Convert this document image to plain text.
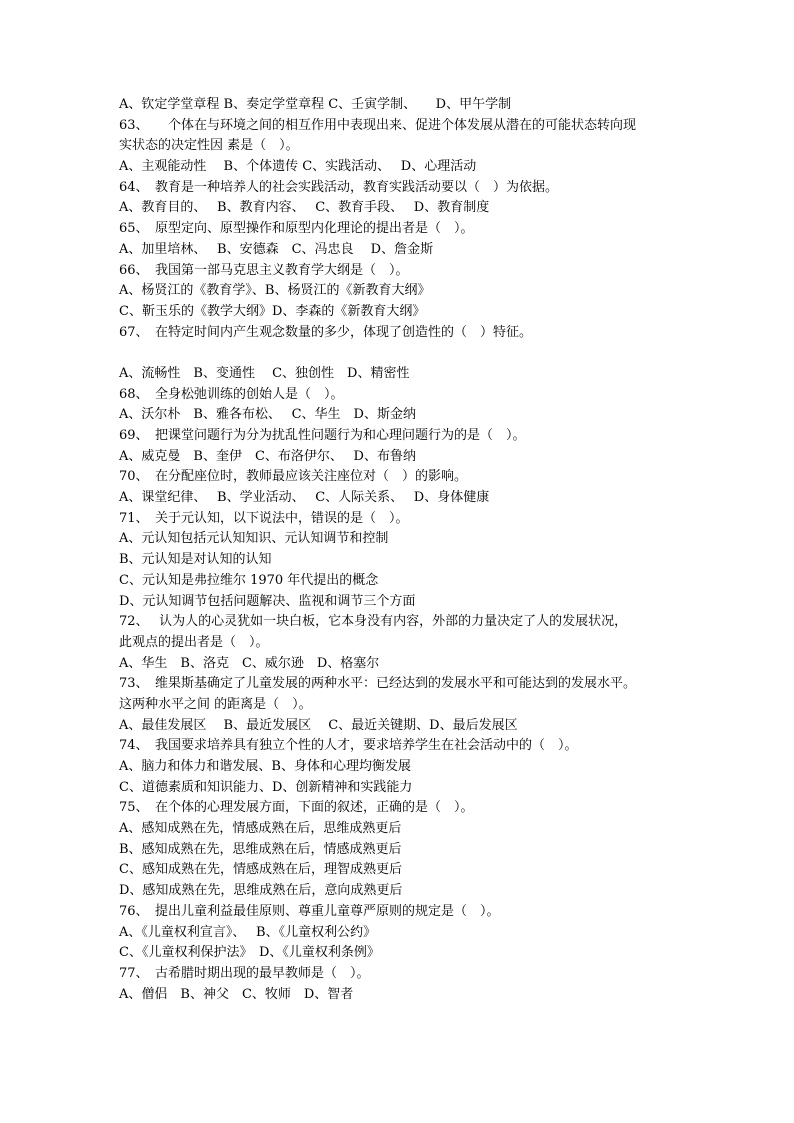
A、钦定学堂章程 B、奏定学堂章程 C、壬寅学制、　　D、甲午学制
63、　　个体在与环境之间的相互作用中表现出来、促进个体发展从潜在的可能状态转向现
实状态的决定性因 素是（　）。
A、主观能动性　 B、个体遗传 C、实践活动、　 D、心理活动
64、　教育是一种培养人的社会实践活动，教育实践活动要以（　）为依据。
A、教育目的、　 B、教育内容、　 C、教育手段、　 D、教育制度
65、　原型定向、原型操作和原型内化理论的提出者是（　）。
A、加里培林、　 B、安德森　C、冯忠良　 D、詹金斯
66、　我国第一部马克思主义教育学大纲是（　）。
A、杨贤江的《教育学》、B、杨贤江的《新教育大纲》
C、靳玉乐的《教学大纲》D、李森的《新教育大纲》
67、　在特定时间内产生观念数量的多少，体现了创造性的（　）特征。
A、流畅性　B、变通性　 C、独创性　D、精密性
68、　全身松弛训练的创始人是（　）。
A、沃尔朴　B、雅各布松、　 C、华生　D、斯金纳
69、　把课堂问题行为分为扰乱性问题行为和心理问题行为的是（　）。
A、威克曼　B、奎伊　C、布洛伊尔、　 D、布鲁纳
70、　在分配座位时，教师最应该关注座位对（　）的影响。
A、课堂纪律、　 B、学业活动、　 C、人际关系、　 D、身体健康
71、　关于元认知，以下说法中，错误的是（　）。
A、元认知包括元认知知识、元认知调节和控制
B、元认知是对认知的认知
C、元认知是弗拉维尔 1970 年代提出的概念
D、元认知调节包括问题解决、监视和调节三个方面
72、　 认为人的心灵犹如一块白板，它本身没有内容，外部的力量决定了人的发展状况，
此观点的提出者是（　）。
A、华生　B、洛克　C、威尔逊　D、格塞尔
73、　维果斯基确定了儿童发展的两种水平：已经达到的发展水平和可能达到的发展水平。
这两种水平之间 的距离是（　）。
A、最佳发展区　 B、最近发展区　 C、最近关键期、D、最后发展区
74、　我国要求培养具有独立个性的人才，要求培养学生在社会活动中的（　）。
A、脑力和体力和谐发展、B、身体和心理均衡发展
C、道德素质和知识能力、D、创新精神和实践能力
75、　在个体的心理发展方面，下面的叙述，正确的是（　）。
A、感知成熟在先，情感成熟在后，思维成熟更后
B、感知成熟在先，思维成熟在后，情感成熟更后
C、感知成熟在先，情感成熟在后，理智成熟更后
D、感知成熟在先，思维成熟在后，意向成熟更后
76、　提出儿童利益最佳原则、尊重儿童尊严原则的规定是（　）。
A、《儿童权利宣言》、　 B、《儿童权利公约》
C、《儿童权利保护法》　D、《儿童权利条例》
77、　古希腊时期出现的最早教师是（　）。
A、僧侣　B、神父　C、牧师　D、智者
